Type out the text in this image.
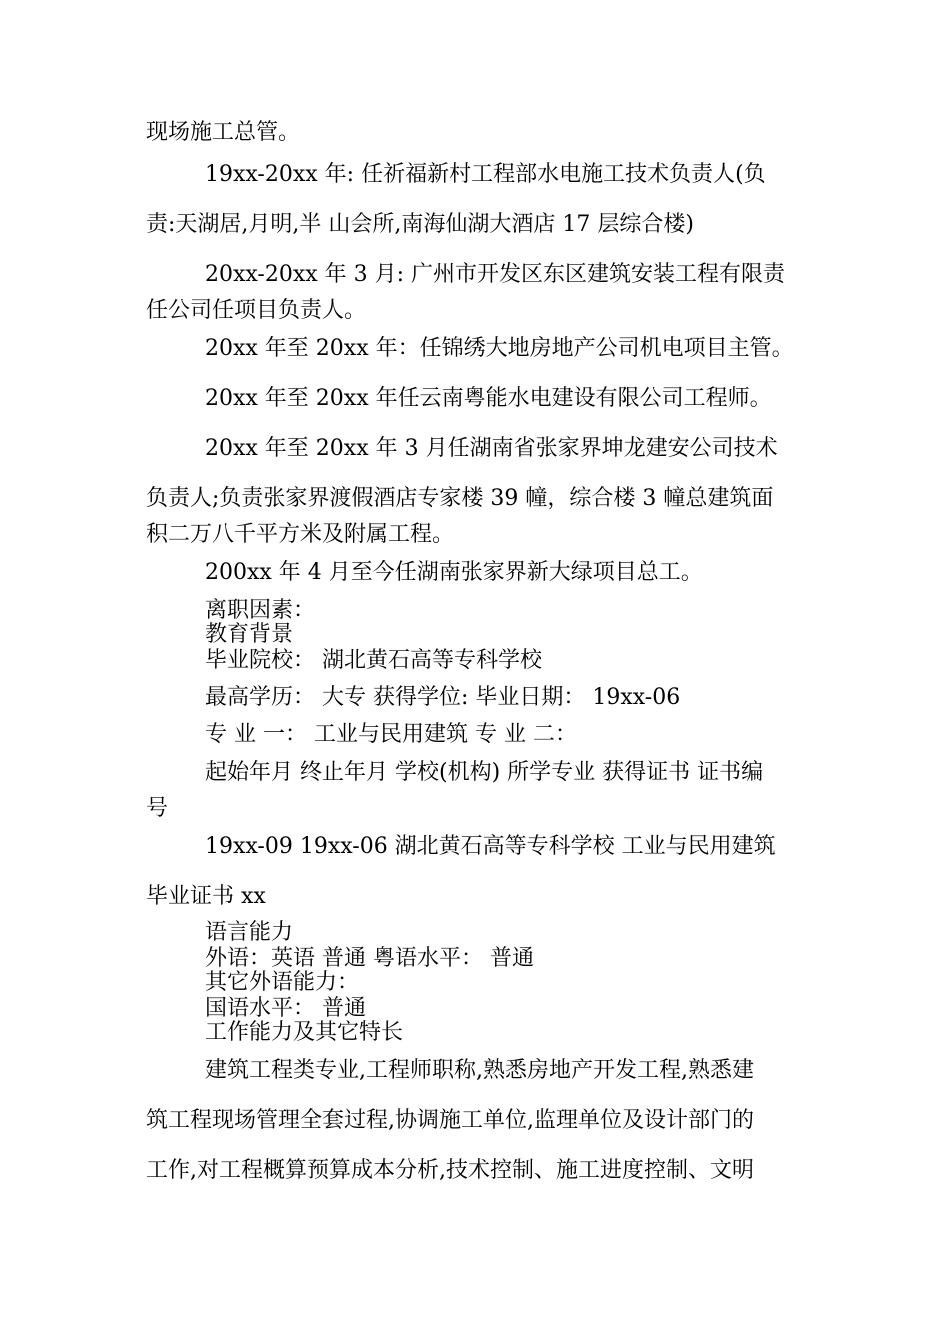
现场施工总管。
19xx-20xx 年: 任祈福新村工程部水电施工技术负责人(负
责:天湖居,月明,半 山会所,南海仙湖大酒店 17 层综合楼)
20xx-20xx 年 3 月: 广州市开发区东区建筑安装工程有限责
任公司任项目负责人。
20xx 年至 20xx 年：任锦绣大地房地产公司机电项目主管。
20xx 年至 20xx 年任云南粤能水电建设有限公司工程师。
20xx 年至 20xx 年 3 月任湖南省张家界坤龙建安公司技术
负责人;负责张家界渡假酒店专家楼 39 幢，综合楼 3 幢总建筑面
积二万八千平方米及附属工程。
200xx 年 4 月至今任湖南张家界新大绿项目总工。
离职因素：
教育背景
毕业院校： 湖北黄石高等专科学校
最高学历： 大专 获得学位: 毕业日期： 19xx-06
专 业 一： 工业与民用建筑 专 业 二：
起始年月 终止年月 学校(机构) 所学专业 获得证书 证书编
号
19xx-09 19xx-06 湖北黄石高等专科学校 工业与民用建筑
毕业证书 xx
语言能力
外语：英语 普通 粤语水平： 普通
其它外语能力：
国语水平： 普通
工作能力及其它特长
建筑工程类专业,工程师职称,熟悉房地产开发工程,熟悉建
筑工程现场管理全套过程,协调施工单位,监理单位及设计部门的
工作,对工程概算预算成本分析,技术控制、施工进度控制、文明
